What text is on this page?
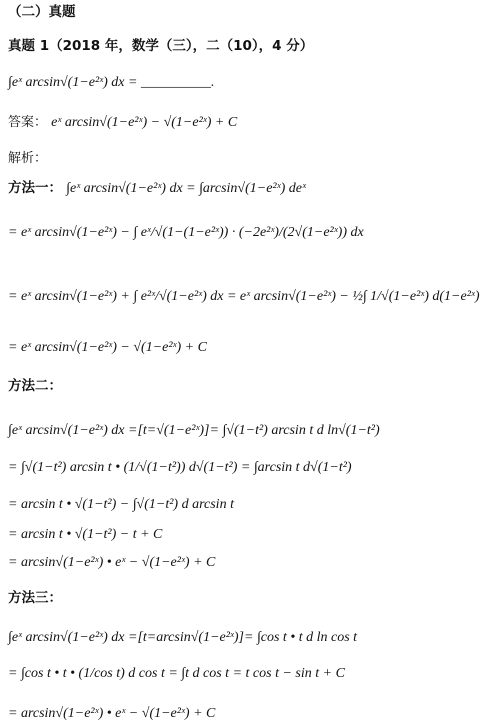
（二）真题
真题 1（2018 年，数学（三），二（10），4 分）
∫eˣ arcsin√(1−e²ˣ) dx = __________.
答案： eˣ arcsin√(1−e²ˣ) − √(1−e²ˣ) + C
解析：
方法一： ∫eˣ arcsin√(1−e²ˣ) dx = ∫arcsin√(1−e²ˣ) deˣ
= eˣ arcsin√(1−e²ˣ) − ∫ eˣ/√(1−(1−e²ˣ)) · (−2e²ˣ)/(2√(1−e²ˣ)) dx
= eˣ arcsin√(1−e²ˣ) + ∫ e²ˣ/√(1−e²ˣ) dx = eˣ arcsin√(1−e²ˣ) − ½∫ 1/√(1−e²ˣ) d(1−e²ˣ)
= eˣ arcsin√(1−e²ˣ) − √(1−e²ˣ) + C
方法二：
∫eˣ arcsin√(1−e²ˣ) dx =[t=√(1−e²ˣ)]= ∫√(1−t²) arcsin t d ln√(1−t²)
= ∫√(1−t²) arcsin t • (1/√(1−t²)) d√(1−t²) = ∫arcsin t d√(1−t²)
= arcsin t • √(1−t²) − ∫√(1−t²) d arcsin t
= arcsin t • √(1−t²) − t + C
= arcsin√(1−e²ˣ) • eˣ − √(1−e²ˣ) + C
方法三：
∫eˣ arcsin√(1−e²ˣ) dx =[t=arcsin√(1−e²ˣ)]= ∫cos t • t d ln cos t
= ∫cos t • t • (1/cos t) d cos t = ∫t d cos t = t cos t − sin t + C
= arcsin√(1−e²ˣ) • eˣ − √(1−e²ˣ) + C
